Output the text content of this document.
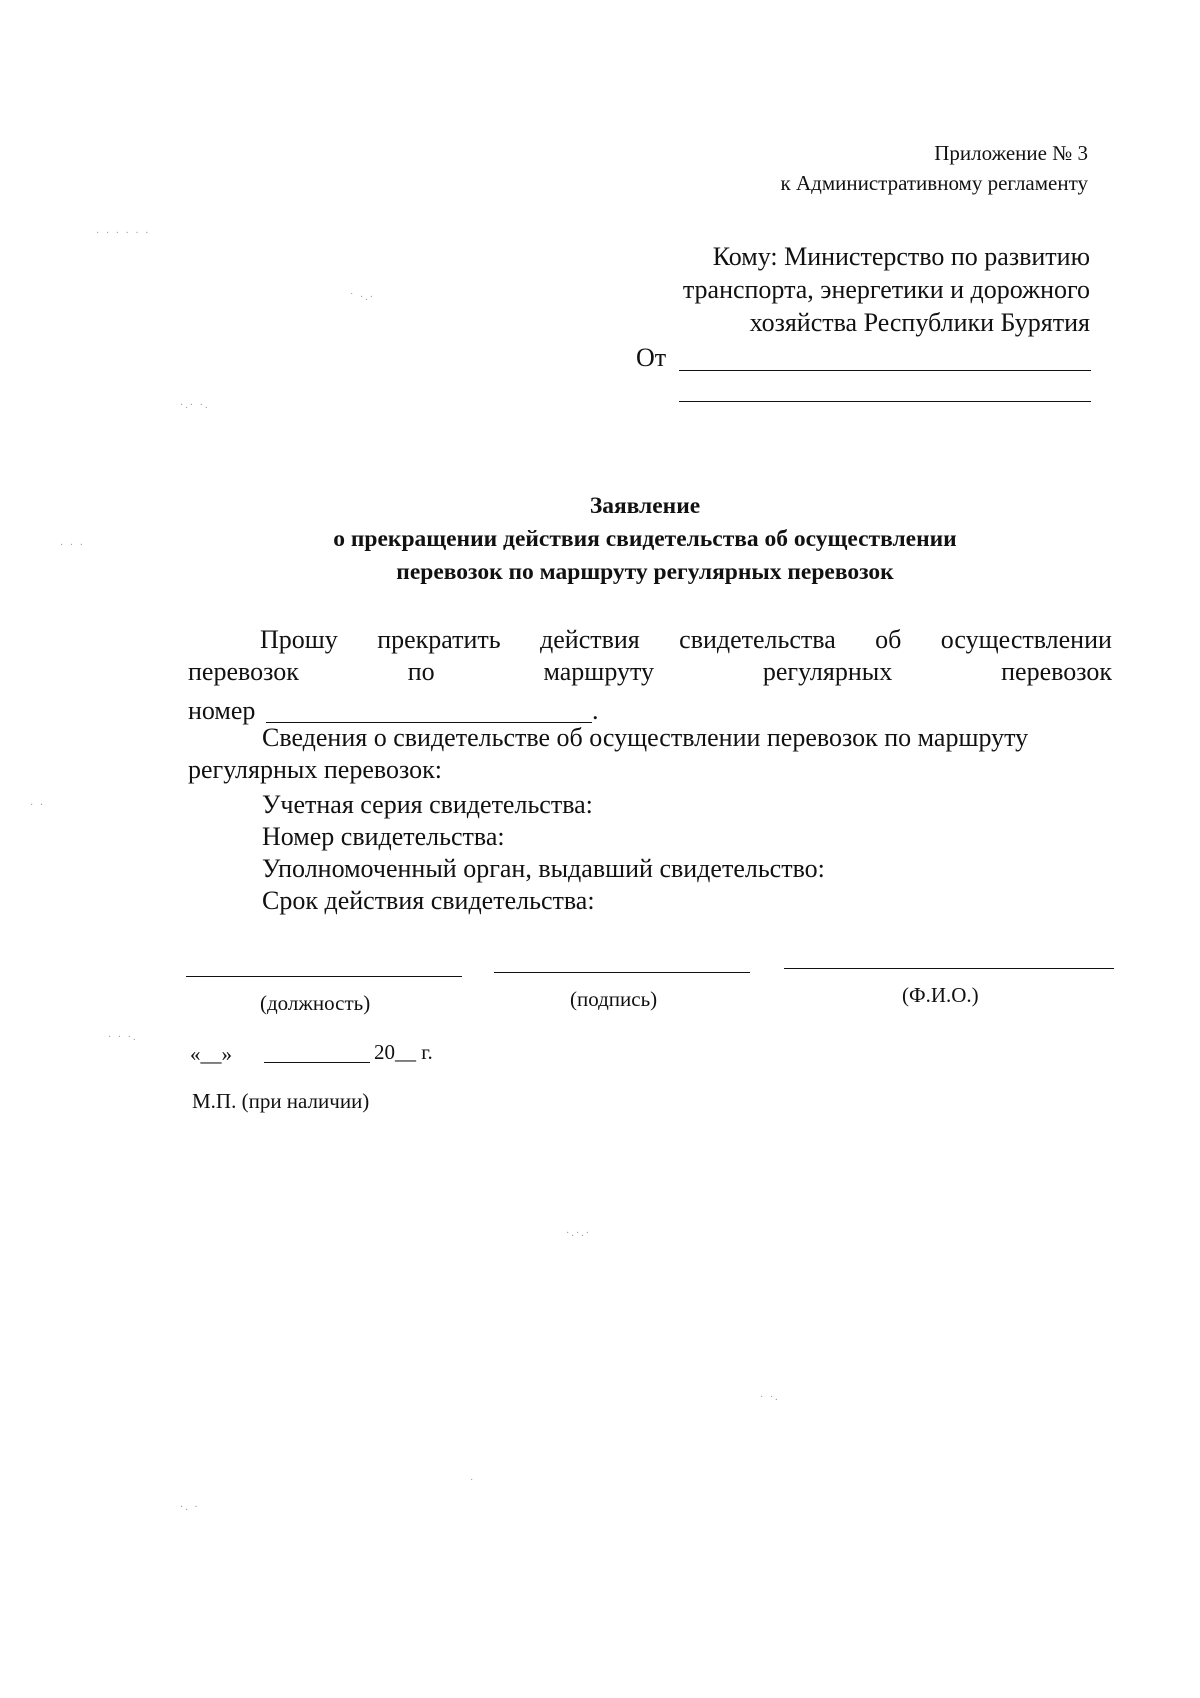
Приложение № 3
к Административному регламенту
Кому: Министерство по развитию
транспорта, энергетики и дорожного
хозяйства Республики Бурятия
От
Заявление
о прекращении действия свидетельства об осуществлении
перевозок по маршруту регулярных перевозок
Прошу прекратить действия свидетельства об осуществлении
перевозок	по	маршруту	регулярных	перевозок
номер	.
Сведения о свидетельстве об осуществлении перевозок по маршруту
регулярных перевозок:
Учетная серия свидетельства:
Номер свидетельства:
Уполномоченный орган, выдавший свидетельство:
Срок действия свидетельства:
(должность)	(подпись)	(Ф.И.О.)
«__»	20__ г.
М.П. (при наличии)
· · · · · ·
˙ ·.·
·.· ·.
· · ·
· ·
· · ·.
·.·.·
· ·.
·. ·
˙
